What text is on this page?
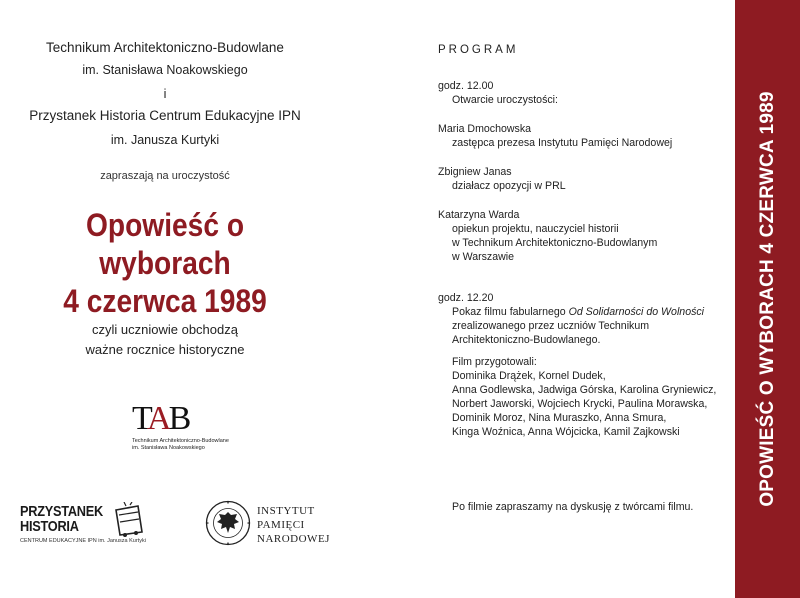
Technikum Architektoniczno-Budowlane
im. Stanisława Noakowskiego
i
Przystanek Historia Centrum Edukacyjne IPN
im. Janusza Kurtyki
zapraszają na uroczystość
Opowieść o wyborach
4 czerwca 1989
czyli uczniowie obchodzą
ważne rocznice historyczne
TAB
Technikum Architektoniczno-Budowlane
im. Stanisława Noakowskiego
PRZYSTANEK
HISTORIA
CENTRUM EDUKACYJNE IPN im. Janusza Kurtyki
INSTYTUT
PAMIĘCI
NARODOWEJ
PROGRAM
godz. 12.00
Otwarcie uroczystości:
Maria Dmochowska
zastępca prezesa Instytutu Pamięci Narodowej
Zbigniew Janas
działacz opozycji w PRL
Katarzyna Warda
opiekun projektu, nauczyciel historii
w Technikum Architektoniczno-Budowlanym
w Warszawie
godz. 12.20
Pokaz filmu fabularnego Od Solidarności do Wolności
zrealizowanego przez uczniów Technikum
Architektoniczno-Budowlanego.
Film przygotowali:
Dominika Drążek, Kornel Dudek,
Anna Godlewska, Jadwiga Górska, Karolina Gryniewicz,
Norbert Jaworski, Wojciech Krycki, Paulina Morawska,
Dominik Moroz, Nina Muraszko, Anna Smura,
Kinga Woźnica, Anna Wójcicka, Kamil Zajkowski
Po filmie zapraszamy na dyskusję z twórcami filmu.
OPOWIEŚĆ O WYBORACH 4 CZERWCA 1989
